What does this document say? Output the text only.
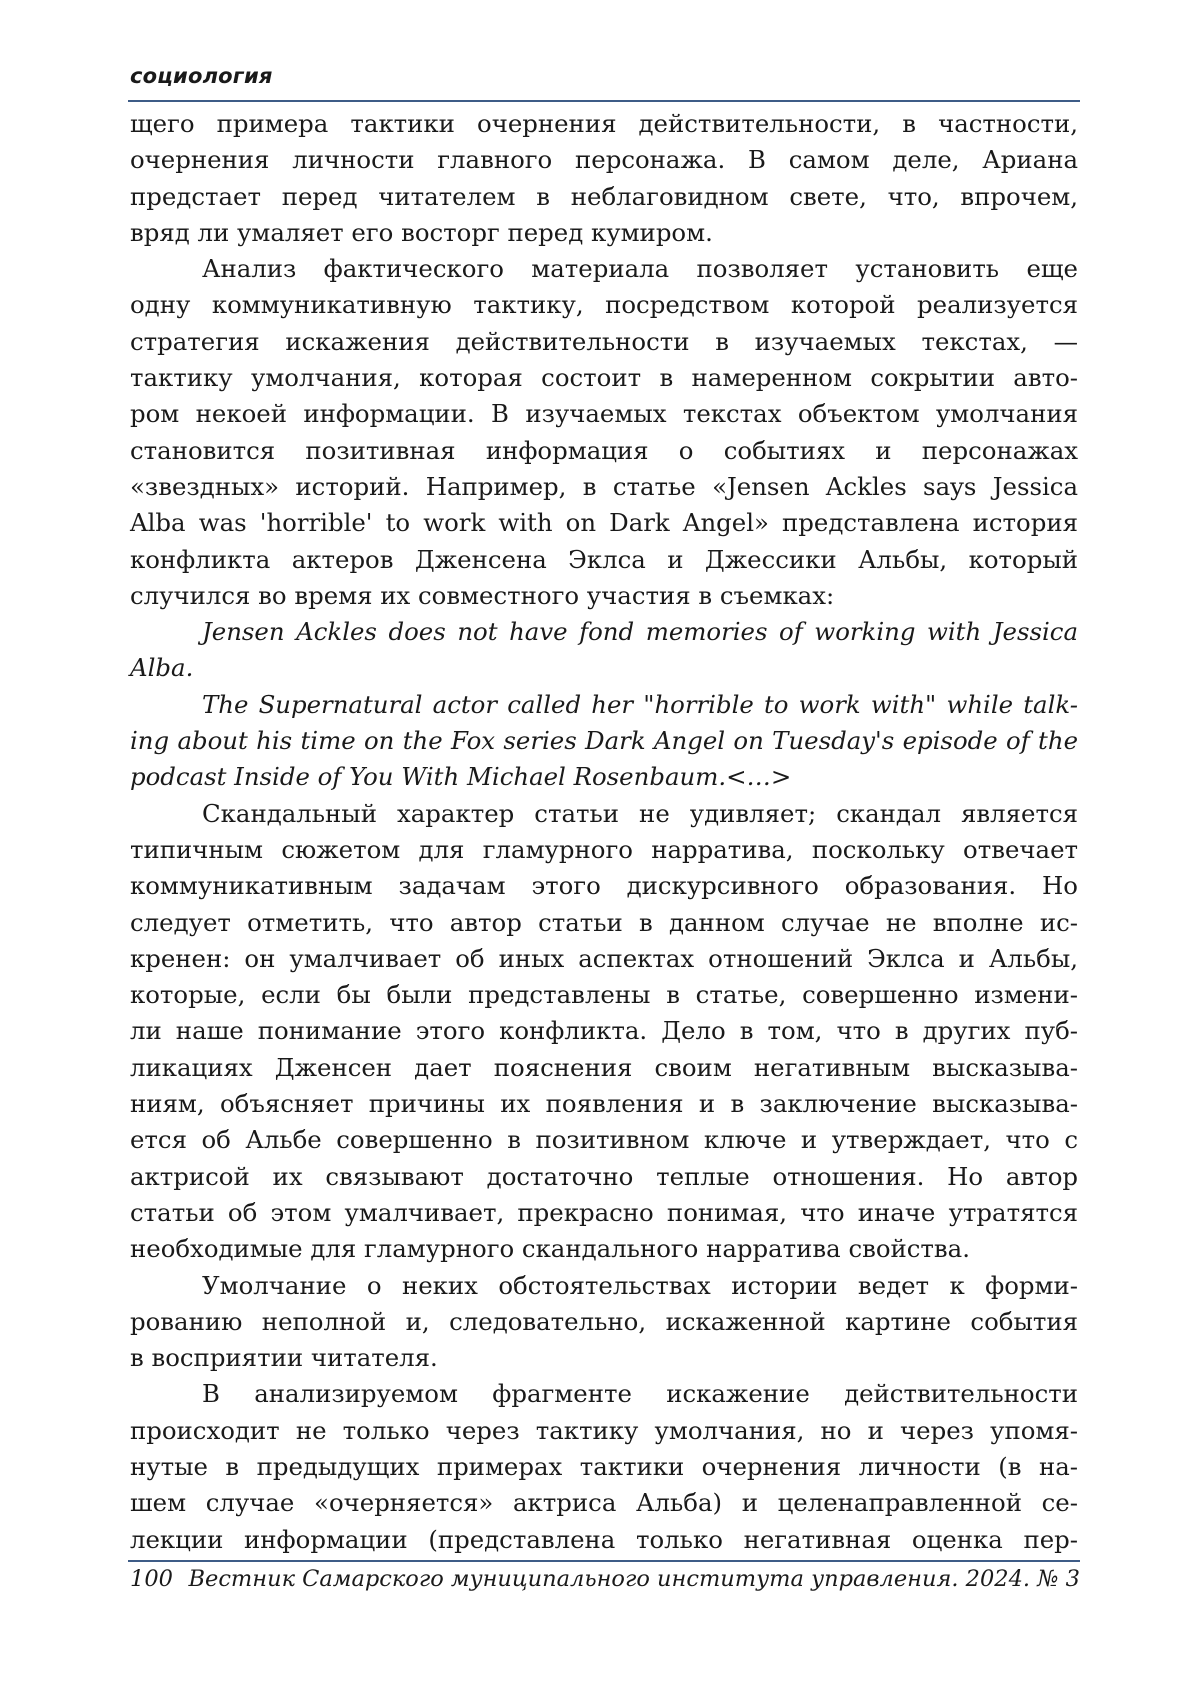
социология
щего примера тактики очернения действительности, в частности,
очернения личности главного персонажа. В самом деле, Ариана
предстает перед читателем в неблаговидном свете, что, впрочем,
вряд ли умаляет его восторг перед кумиром.
Анализ фактического материала позволяет установить еще
одну коммуникативную тактику, посредством которой реализуется
стратегия искажения действительности в изучаемых текстах, —
тактику умолчания, которая состоит в намеренном сокрытии авто-
ром некоей информации. В изучаемых текстах объектом умолчания
становится позитивная информация о событиях и персонажах
«звездных» историй. Например, в статье «Jensen Ackles says Jessica
Alba was 'horrible' to work with on Dark Angel» представлена история
конфликта актеров Дженсена Эклса и Джессики Альбы, который
случился во время их совместного участия в съемках:
Jensen Ackles does not have fond memories of working with Jessica
Alba.
The Supernatural actor called her "horrible to work with" while talk-
ing about his time on the Fox series Dark Angel on Tuesday's episode of the
podcast Inside of You With Michael Rosenbaum.<…>
Скандальный характер статьи не удивляет; скандал является
типичным сюжетом для гламурного нарратива, поскольку отвечает
коммуникативным задачам этого дискурсивного образования. Но
следует отметить, что автор статьи в данном случае не вполне ис-
кренен: он умалчивает об иных аспектах отношений Эклса и Альбы,
которые, если бы были представлены в статье, совершенно измени-
ли наше понимание этого конфликта. Дело в том, что в других пуб-
ликациях Дженсен дает пояснения своим негативным высказыва-
ниям, объясняет причины их появления и в заключение высказыва-
ется об Альбе совершенно в позитивном ключе и утверждает, что с
актрисой их связывают достаточно теплые отношения. Но автор
статьи об этом умалчивает, прекрасно понимая, что иначе утратятся
необходимые для гламурного скандального нарратива свойства.
Умолчание о неких обстоятельствах истории ведет к форми-
рованию неполной и, следовательно, искаженной картине события
в восприятии читателя.
В анализируемом фрагменте искажение действительности
происходит не только через тактику умолчания, но и через упомя-
нутые в предыдущих примерах тактики очернения личности (в на-
шем случае «очерняется» актриса Альба) и целенаправленной се-
лекции информации (представлена только негативная оценка пер-
100 Вестник Самарского муниципального института управления. 2024. № 3
